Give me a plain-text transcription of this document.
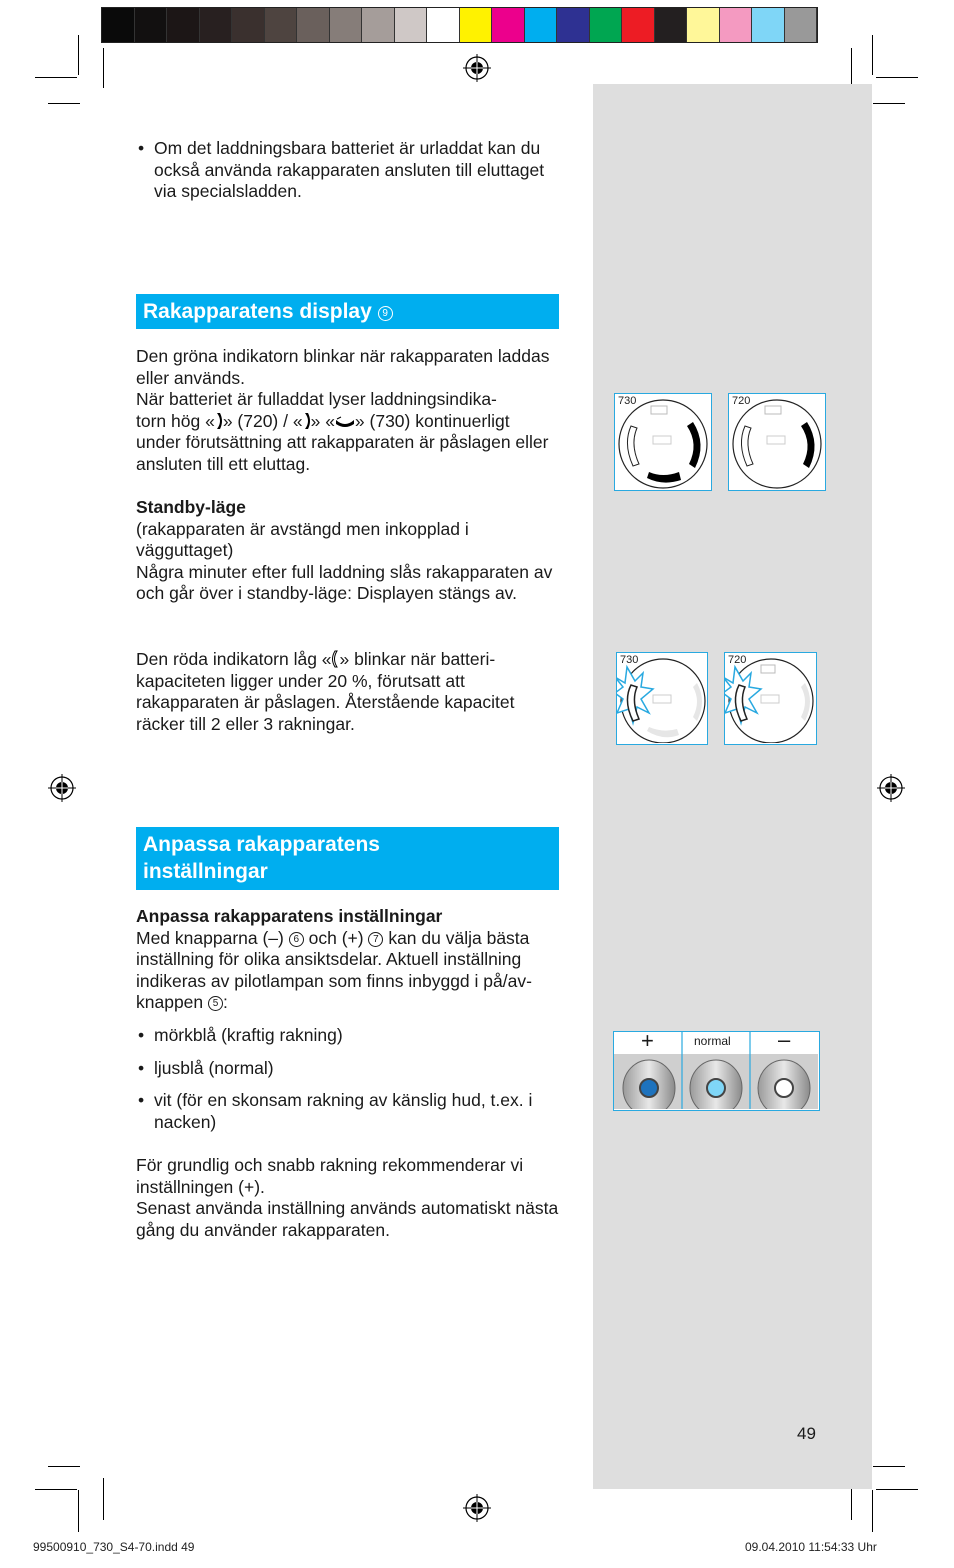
• Om det laddningsbara batteriet är urladdat kan du också använda rakapparaten ansluten till eluttaget via specialsladden.
Rakapparatens display 9
Den gröna indikatorn blinkar när rakapparaten laddas eller används.
När batteriet är fulladdat lyser laddningsindika-
torn hög « » (720) / « » « » (730) kontinuerligt
under förutsättning att rakapparaten är påslagen eller ansluten till ett eluttag.
Standby-läge
(rakapparaten är avstängd men inkopplad i vägguttaget)
Några minuter efter full laddning slås rakapparaten av och går över i standby-läge: Displayen stängs av.
Den röda indikatorn låg « » blinkar när batteri-
kapaciteten ligger under 20 %, förutsatt att rakapparaten är påslagen. Återstående kapacitet räcker till 2 eller 3 rakningar.
Anpassa rakapparatens
inställningar
Anpassa rakapparatens inställningar
Med knapparna (–) 6 och (+) 7 kan du välja bästa inställning för olika ansiktsdelar. Aktuell inställning indikeras av pilotlampan som finns inbyggd i på/av-knappen 5 :
• mörkblå (kraftig rakning)
• ljusblå (normal)
• vit (för en skonsam rakning av känslig hud, t.ex. i nacken)
För grundlig och snabb rakning rekommenderar vi inställningen (+).
Senast använda inställning används automatiskt nästa gång du använder rakapparaten.
730	720
730	720
+	normal –
49
99500910_730_S4-70.indd 49	09.04.2010 11:54:33 Uhr
